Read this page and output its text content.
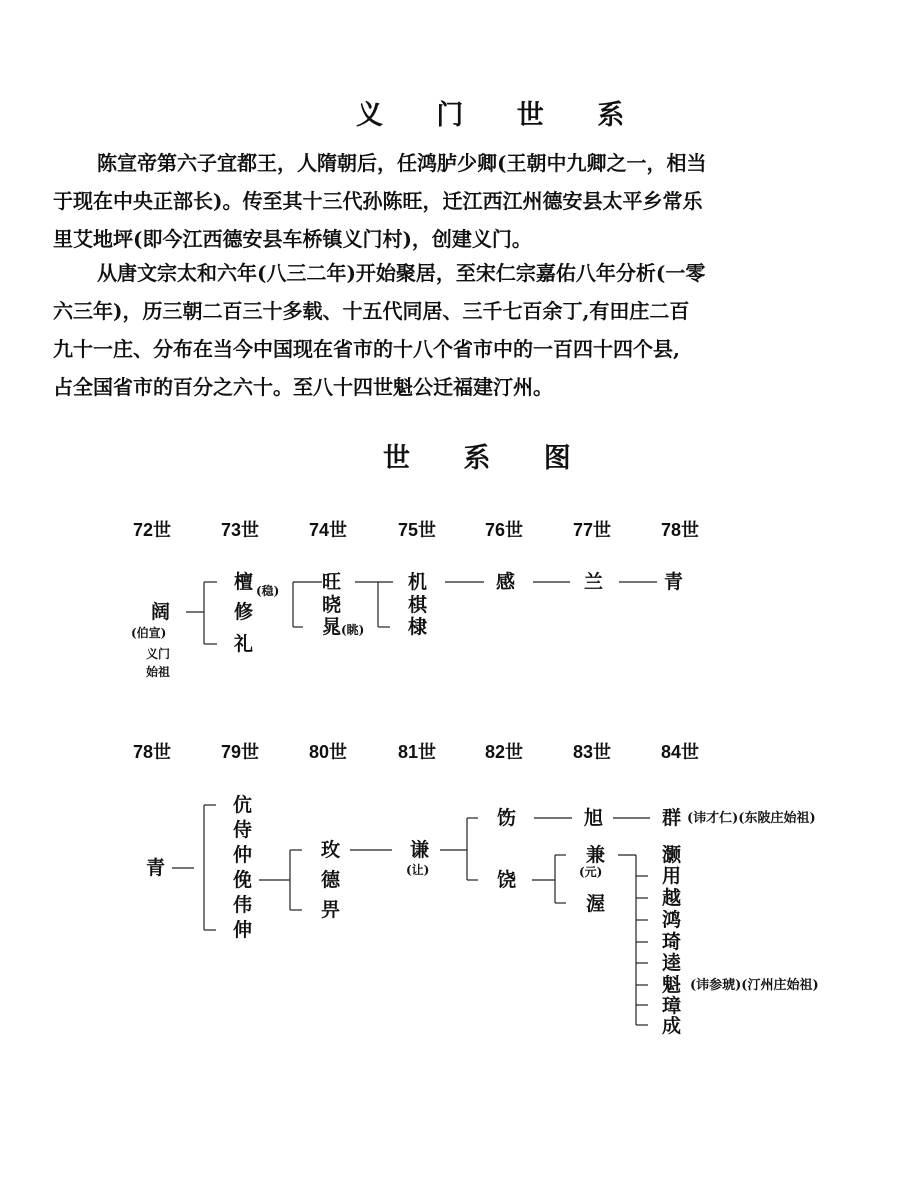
义 门 世 系
陈宣帝第六子宜都王，人隋朝后，任鸿胪少卿(王朝中九卿之一，相当
于现在中央正部长)。传至其十三代孙陈旺，迁江西江州德安县太平乡常乐
里艾地坪(即今江西德安县车桥镇义门村)，创建义门。
从唐文宗太和六年(八三二年)开始聚居，至宋仁宗嘉佑八年分析(一零
六三年)，历三朝二百三十多载、十五代同居、三千七百余丁,有田庄二百
九十一庄、分布在当今中国现在省市的十八个省市中的一百四十四个县,
占全国省市的百分之六十。至八十四世魁公迁福建汀州。
世 系 图
72世	73世	74世	75世	76世	77世	78世
阔
(伯宣)
义门
始祖
檀 (稳)
修
礼
旺
晓
晁 (眺)
机
棋
棣
感	兰	青
78世	79世	80世	81世	82世	83世	84世
青
伉
侍
仲
俛
伟
伸
玫
德
畀
谦
(让)
饬
饶
旭
兼
(元)
渥
群 (讳才仁)(东陂庄始祖)
灏
用
越
鸿
琦
逵
魁 (讳参琥)(汀州庄始祖)
璋
成
